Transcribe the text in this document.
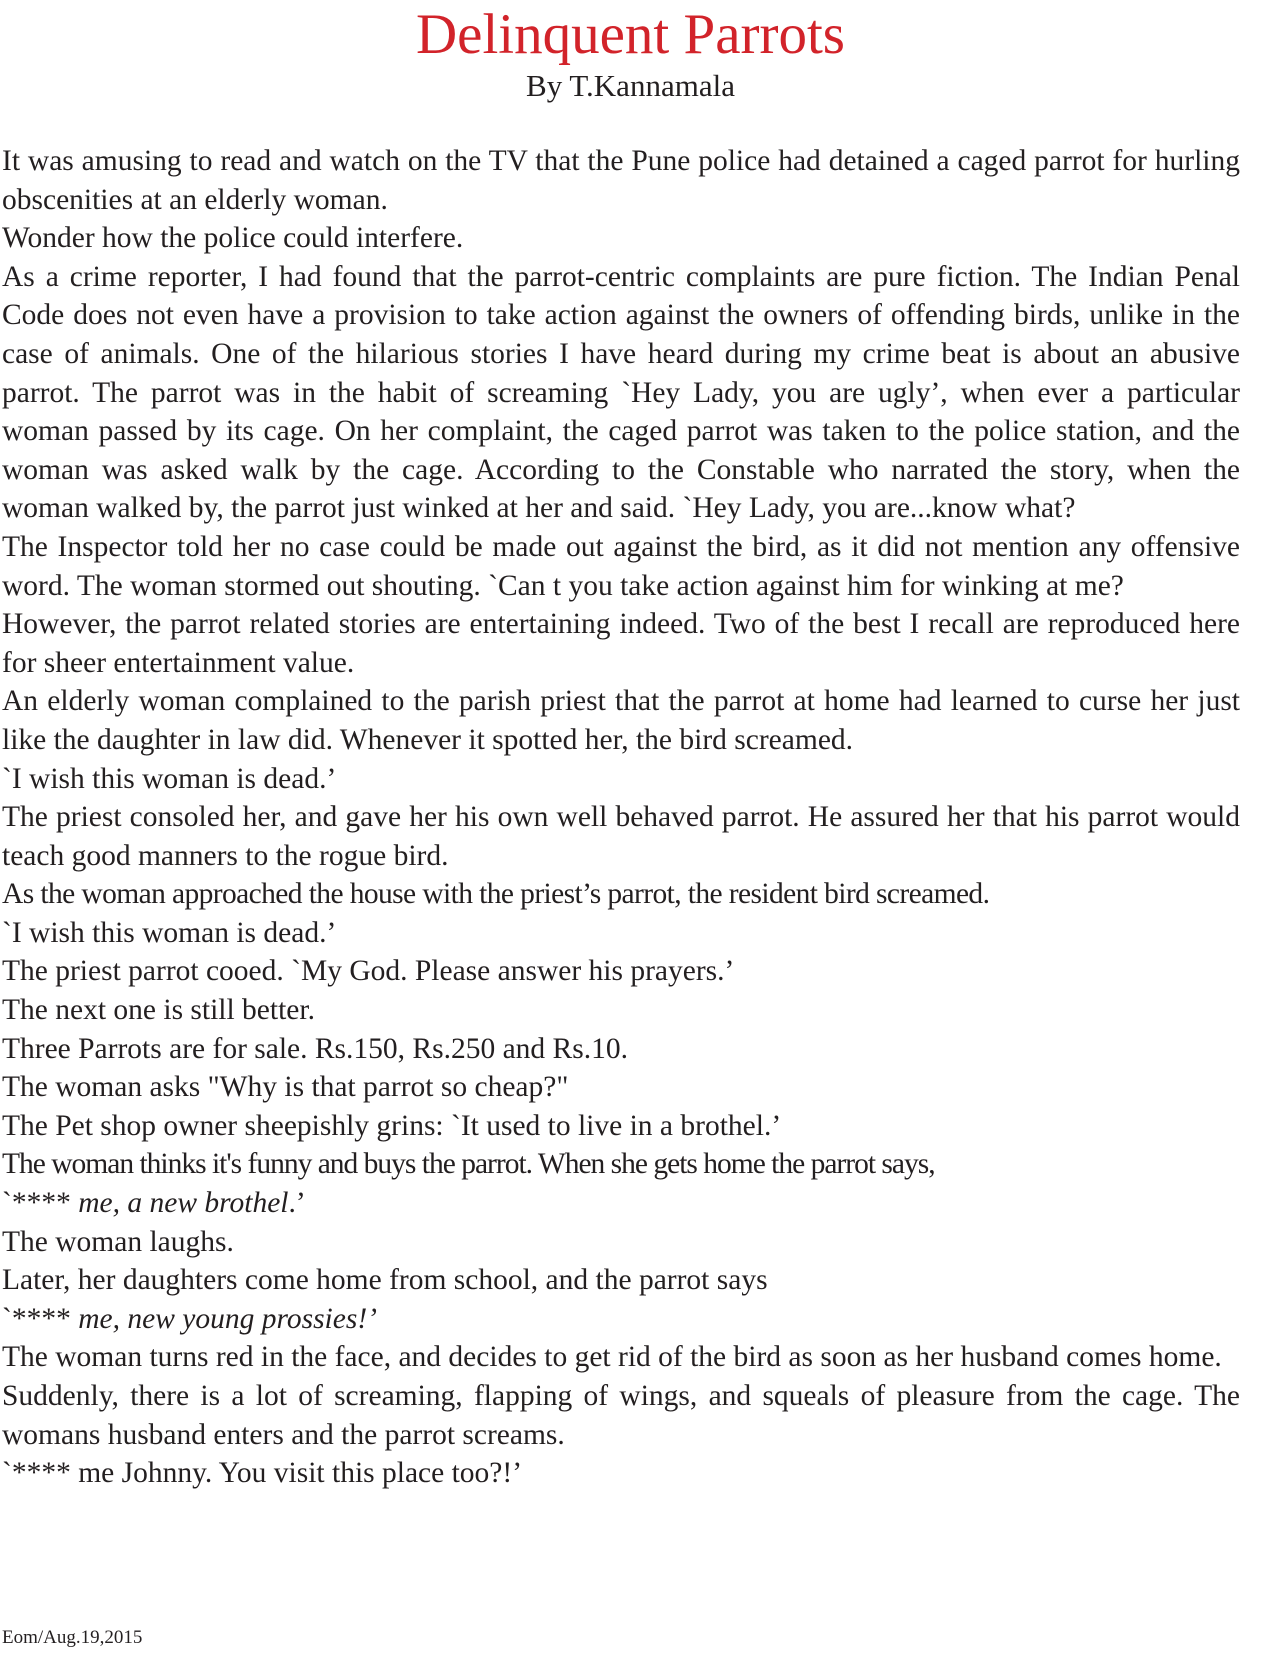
Delinquent Parrots
By T.Kannamala

It was amusing to read and watch on the TV that the Pune police had detained a caged parrot for hurling obscenities at an elderly woman.

Wonder how the police could interfere.

As a crime reporter, I had found that the parrot-centric complaints are pure fiction. The Indian Penal Code does not even have a provision to take action against the owners of offending birds, unlike in the case of animals. One of the hilarious stories I have heard during my crime beat is about an abusive parrot. The parrot was in the habit of screaming `Hey Lady, you are ugly’, when ever a particular woman passed by its cage. On her complaint, the caged parrot was taken to the police station, and the woman was asked walk by the cage. According to the Constable who narrated the story, when the woman walked by, the parrot just winked at her and said. `Hey Lady, you are...know what?

The Inspector told her no case could be made out against the bird, as it did not mention any offensive word. The woman stormed out shouting. `Can t you take action against him for winking at me?

However, the parrot related stories are entertaining indeed. Two of the best I recall are reproduced here for sheer entertainment value.

An elderly woman complained to the parish priest that the parrot at home had learned to curse her just like the daughter in law did. Whenever it spotted her, the bird screamed.

`I wish this woman is dead.’

The priest consoled her, and gave her his own well behaved parrot. He assured her that his parrot would teach good manners to the rogue bird.

As the woman approached the house with the priest’s parrot, the resident bird screamed.

`I wish this woman is dead.’

The priest parrot cooed. `My God. Please answer his prayers.’

The next one is still better.

Three Parrots are for sale. Rs.150, Rs.250 and Rs.10.

The woman asks "Why is that parrot so cheap?"

The Pet shop owner sheepishly grins: `It used to live in a brothel.’

The woman thinks it's funny and buys the parrot. When she gets home the parrot says,

`**** me, a new brothel.’

The woman laughs.

Later, her daughters come home from school, and the parrot says

`**** me, new young prossies!’

The woman turns red in the face, and decides to get rid of the bird as soon as her husband comes home.

Suddenly, there is a lot of screaming, flapping of wings, and squeals of pleasure from the cage. The womans husband enters and the parrot screams.

`**** me Johnny. You visit this place too?!’

Eom/Aug.19,2015
